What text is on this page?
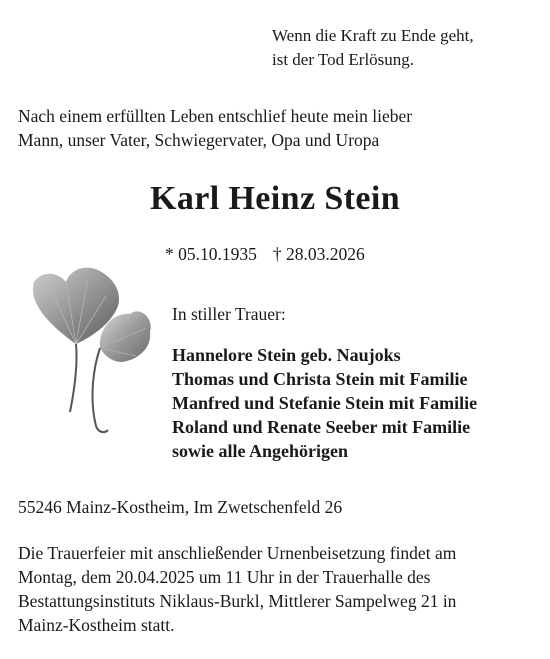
Wenn die Kraft zu Ende geht,
ist der Tod Erlösung.
Nach einem erfüllten Leben entschlief heute mein lieber
Mann, unser Vater, Schwiegervater, Opa und Uropa
Karl Heinz Stein
* 05.10.1935 † 28.03.2026
In stiller Trauer:
Hannelore Stein geb. Naujoks
Thomas und Christa Stein mit Familie
Manfred und Stefanie Stein mit Familie
Roland und Renate Seeber mit Familie
sowie alle Angehörigen
55246 Mainz-Kostheim, Im Zwetschenfeld 26
Die Trauerfeier mit anschließender Urnenbeisetzung findet am
Montag, dem 20.04.2025 um 11 Uhr in der Trauerhalle des
Bestattungsinstituts Niklaus-Burkl, Mittlerer Sampelweg 21 in
Mainz-Kostheim statt.
